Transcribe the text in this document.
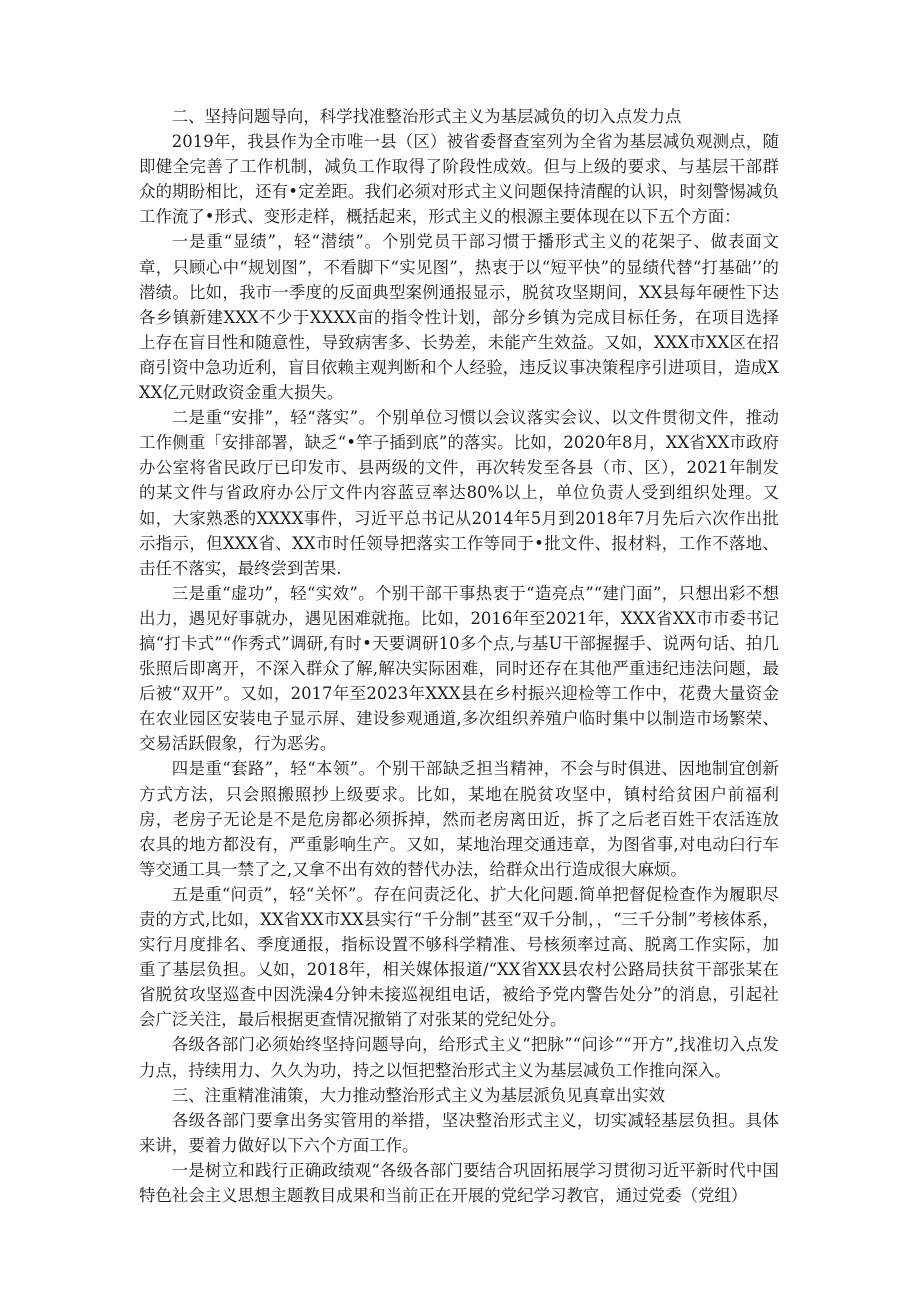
二、坚持问题导向，科学找准整治形式主义为基层减负的切入点发力点

2019年，我县作为全市唯一县（区）被省委督查室列为全省为基层减负观测点，随即健全完善了工作机制，减负工作取得了阶段性成效。但与上级的要求、与基层干部群众的期盼相比，还有•定差距。我们必须对形式主义问题保持清醒的认识，时刻警惕减负工作流了•形式、变形走样，概括起来，形式主义的根源主要体现在以下五个方面：

一是重“显绩”，轻“潜绩”。个别党员干部习惯于播形式主义的花架子、做表面文章，只顾心中“规划图”，不看脚下“实见图”，热衷于以“短平快”的显绩代替“打基础’’的潜绩。比如，我市一季度的反面典型案例通报显示，脱贫攻坚期间，XX县每年硬性下达各乡镇新建XXX不少于XXXX亩的指令性计划，部分乡镇为完成目标任务，在项目选择上存在盲目性和随意性，导致病害多、长势差，未能产生效益。又如，XXX市XX区在招商引资中急功近利，盲目依赖主观判断和个人经验，违反议事决策程序引进项目，造成XXX亿元财政资金重大损失。

二是重“安排”，轻“落实”。个别单位习惯以会议落实会议、以文件贯彻文件，推动工作侧重「安排部署，缺乏“•竿子插到底”的落实。比如，2020年8月，XX省XX市政府办公室将省民政厅已印发市、县两级的文件，再次转发至各县（市、区），2021年制发的某文件与省政府办公厅文件内容蓝豆率达80%以上，单位负责人受到组织处理。又如，大家熟悉的XXXX事件，习近平总书记从2014年5月到2018年7月先后六次作出批示指示，但XXX省、XX市时任领导把落实工作等同于•批文件、报材料，工作不落地、击任不落实，最终尝到苦果.

三是重“虚功”，轻“实效”。个别干部干事热衷于“造亮点”“建门面”，只想出彩不想出力，遇见好事就办，遇见困难就拖。比如，2016年至2021年，XXX省XX市市委书记搞“打卡式”“作秀式”调研,有时•天要调研10多个点,与基U干部握握手、说两句话、拍几张照后即离开，不深入群众了解,解决实际困难，同时还存在其他严重违纪违法问题，最后被“双开”。又如，2017年至2023年XXX县在乡村振兴迎检等工作中，花费大量资金在农业园区安装电子显示屏、建设参观通道,多次组织养殖户临时集中以制造市场繁荣、交易活跃假象，行为恶劣。

四是重“套路”，轻“本领”。个别干部缺乏担当精神，不会与时俱进、因地制宜创新方式方法，只会照搬照抄上级要求。比如，某地在脱贫攻坚中，镇村给贫困户前福利房，老房子无论是不是危房都必须拆掉，然而老房离田近，拆了之后老百姓干农活连放农具的地方都没有，严重影响生产。又如，某地治理交通违章，为图省事,对电动臼行车等交通工具一禁了之,又拿不出有效的替代办法，给群众出行造成很大麻烦。

五是重“问贡”，轻“关怀”。存在问责泛化、扩大化问题.简单把督促检查作为履职尽责的方式,比如，XX省XX市XX县实行“千分制”甚至“双千分制，，“三千分制”考核体系，实行月度排名、季度通报，指标设置不够科学精准、号核须率过高、脱离工作实际，加重了基层负担。乂如，2018年，相关媒体报道/“XX省XX县农村公路局扶贫干部张某在省脱贫攻坚巡查中因洗澡4分钟未接巡视组电话，被给予党内警告处分”的消息，引起社会广泛关注，最后根据更查情况撤销了对张某的党纪处分。

各级各部门必须始终坚持问题导向，给形式主义“把脉”“问诊”“开方”,找准切入点发力点，持续用力、久久为功，持之以恒把整治形式主义为基层减负工作推向深入。

三、注重精准浦策，大力推动整治形式主义为基层派负见真章出实效

各级各部门要拿出务实管用的举措，坚决整治形式主义，切实减轻基层负担。具体来讲，要着力做好以下六个方面工作。

一是树立和践行正确政绩观“各级各部门要结合巩固拓展学习贯彻习近平新时代中国特色社会主义思想主题教目成果和当前正在开展的党纪学习教官，通过党委（党组）
